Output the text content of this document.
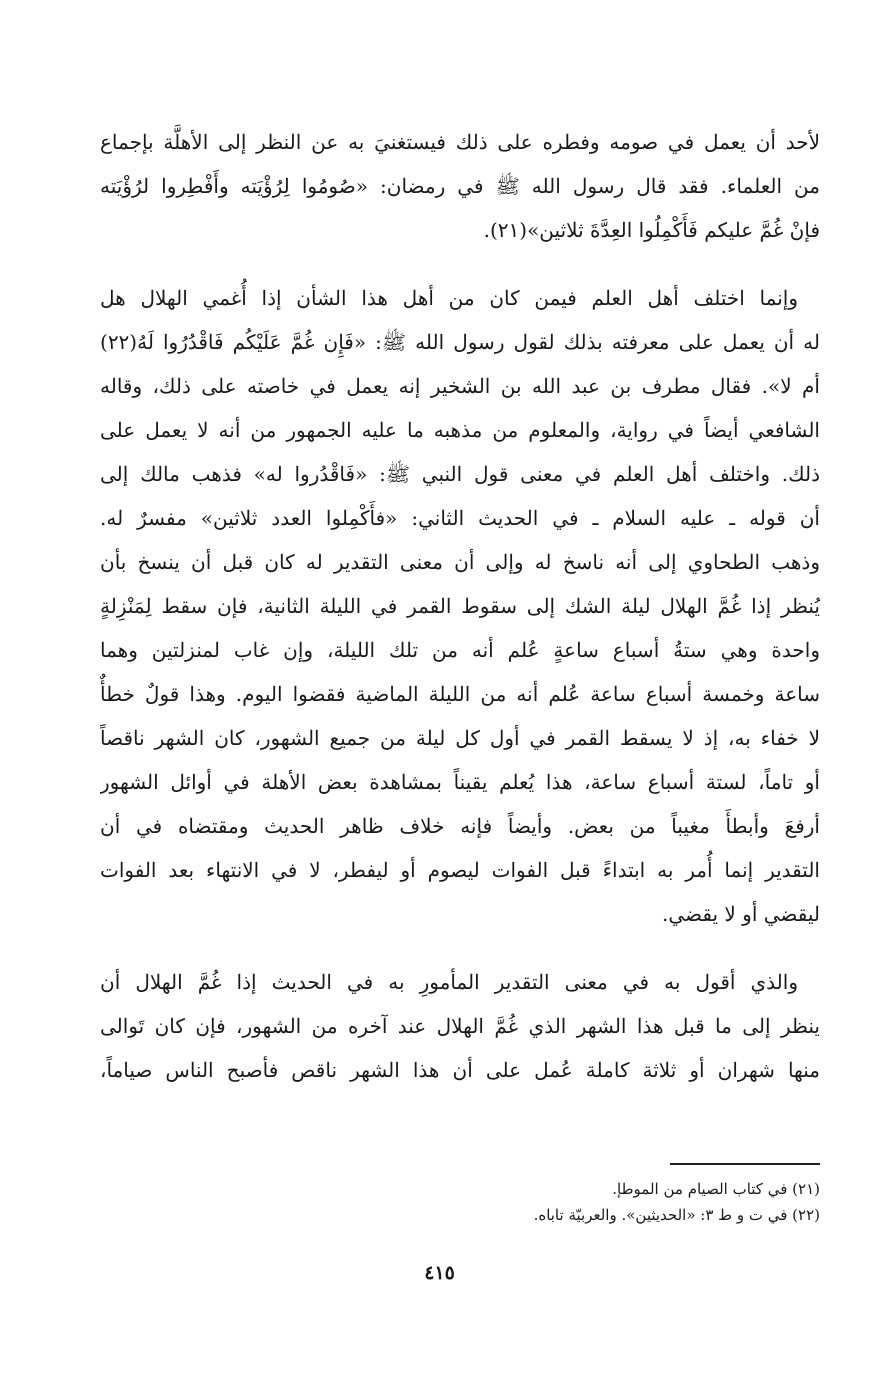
لأحد أن يعمل في صومه وفطره على ذلك فيستغنيَ به عن النظر إلى الأهلَّة بإجماع
من العلماء. فقد قال رسول الله ﷺ في رمضان: «صُومُوا لِرُؤْيَته وأَفْطِروا لرُؤْيَته
فإنْ غُمَّ عليكم فَأَكْمِلُوا العِدَّةَ ثلاثين»(٢١).
وإنما اختلف أهل العلم فيمن كان من أهل هذا الشأن إذا أُغمي الهلال هل
له أن يعمل على معرفته بذلك لقول رسول الله ﷺ: «فَإِن غُمَّ عَلَيْكُم فَاقْدُرُوا لَهُ(٢٢)
أم لا». فقال مطرف بن عبد الله بن الشخير إنه يعمل في خاصته على ذلك، وقاله
الشافعي أيضاً في رواية، والمعلوم من مذهبه ما عليه الجمهور من أنه لا يعمل على
ذلك. واختلف أهل العلم في معنى قول النبي ﷺ: «فَاقْدُروا له» فذهب مالك إلى
أن قوله ـ عليه السلام ـ في الحديث الثاني: «فأَكْمِلوا العدد ثلاثين» مفسرٌ له.
وذهب الطحاوي إلى أنه ناسخ له وإلى أن معنى التقدير له كان قبل أن ينسخ بأن
يُنظر إذا غُمَّ الهلال ليلة الشك إلى سقوط القمر في الليلة الثانية، فإن سقط لِمَنْزِلةٍ
واحدة وهي ستةُ أسباع ساعةٍ عُلم أنه من تلك الليلة، وإن غاب لمنزلتين وهما
ساعة وخمسة أسباع ساعة عُلم أنه من الليلة الماضية فقضوا اليوم. وهذا قولٌ خطأٌ
لا خفاء به، إذ لا يسقط القمر في أول كل ليلة من جميع الشهور، كان الشهر ناقصاً
أو تاماً، لستة أسباع ساعة، هذا يُعلم يقيناً بمشاهدة بعض الأهلة في أوائل الشهور
أرفعَ وأبطأَ مغيباً من بعض. وأيضاً فإنه خلاف ظاهر الحديث ومقتضاه في أن
التقدير إنما أُمر به ابتداءً قبل الفوات ليصوم أو ليفطر، لا في الانتهاء بعد الفوات
ليقضي أو لا يقضي.
والذي أقول به في معنى التقدير المأمورِ به في الحديث إذا غُمَّ الهلال أن
ينظر إلى ما قبل هذا الشهر الذي غُمَّ الهلال عند آخره من الشهور، فإن كان تَوالى
منها شهران أو ثلاثة كاملة عُمل على أن هذا الشهر ناقص فأصبح الناس صياماً،
(٢١) في كتاب الصيام من الموطإ.
(٢٢) في ت و ط ٣: «الحديثين». والعربيّة تاباه.
٤١٥
